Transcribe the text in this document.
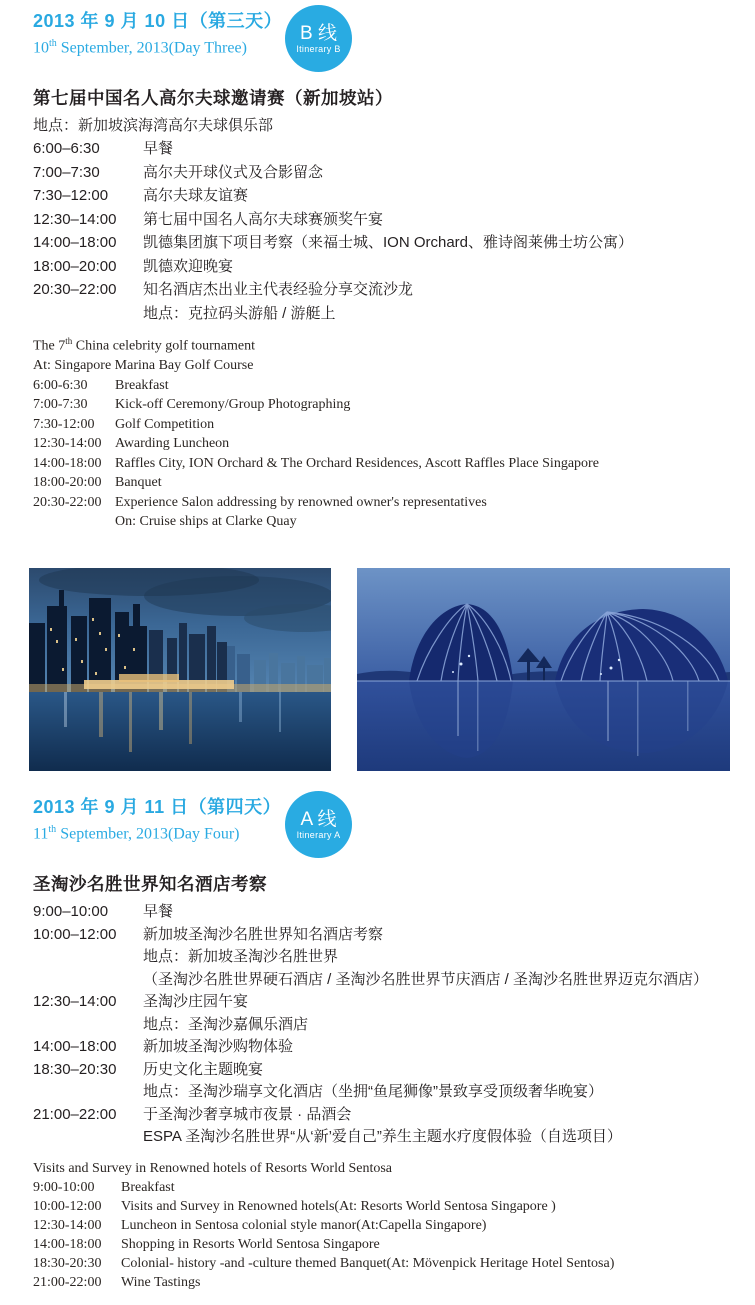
2013 年 9 月 10 日（第三天）
10th September, 2013(Day Three)
B 线
Itinerary B
第七届中国名人高尔夫球邀请赛（新加坡站）
地点：新加坡滨海湾高尔夫球俱乐部
6:00–6:30	早餐
7:00–7:30	高尔夫开球仪式及合影留念
7:30–12:00	高尔夫球友谊赛
12:30–14:00	第七届中国名人高尔夫球赛颁奖午宴
14:00–18:00	凯德集团旗下项目考察（来福士城、ION Orchard、雅诗阁莱佛士坊公寓）
18:00–20:00	凯德欢迎晚宴
20:30–22:00	知名酒店杰出业主代表经验分享交流沙龙
地点：克拉码头游船 / 游艇上
The 7th China celebrity golf tournament
At: Singapore Marina Bay Golf Course
6:00-6:30	Breakfast
7:00-7:30	Kick-off Ceremony/Group Photographing
7:30-12:00	Golf Competition
12:30-14:00 Awarding Luncheon
14:00-18:00 Raffles City, ION Orchard & The Orchard Residences, Ascott Raffles Place Singapore
18:00-20:00 Banquet
20:30-22:00 Experience Salon addressing by renowned owner's representatives
On: Cruise ships at Clarke Quay
2013 年 9 月 11 日（第四天）
11th September, 2013(Day Four)
A 线
Itinerary A
圣淘沙名胜世界知名酒店考察
9:00–10:00	早餐
10:00–12:00	新加坡圣淘沙名胜世界知名酒店考察
地点：新加坡圣淘沙名胜世界
（圣淘沙名胜世界硬石酒店 / 圣淘沙名胜世界节庆酒店 / 圣淘沙名胜世界迈克尔酒店）
12:30–14:00	圣淘沙庄园午宴
地点：圣淘沙嘉佩乐酒店
14:00–18:00	新加坡圣淘沙购物体验
18:30–20:30	历史文化主题晚宴
地点：圣淘沙瑞享文化酒店（坐拥“鱼尾狮像”景致享受顶级奢华晚宴）
21:00–22:00	于圣淘沙奢享城市夜景 · 品酒会
ESPA 圣淘沙名胜世界“从‘新’爱自己”养生主题水疗度假体验（自选项目）
Visits and Survey in Renowned hotels of Resorts World Sentosa
9:00-10:00	Breakfast
10:00-12:00	Visits and Survey in Renowned hotels(At: Resorts World Sentosa Singapore )
12:30-14:00	Luncheon in Sentosa colonial style manor(At:Capella Singapore)
14:00-18:00	Shopping in Resorts World Sentosa Singapore
18:30-20:30	Colonial- history -and -culture themed Banquet(At: Mövenpick Heritage Hotel Sentosa)
21:00-22:00	Wine Tastings
